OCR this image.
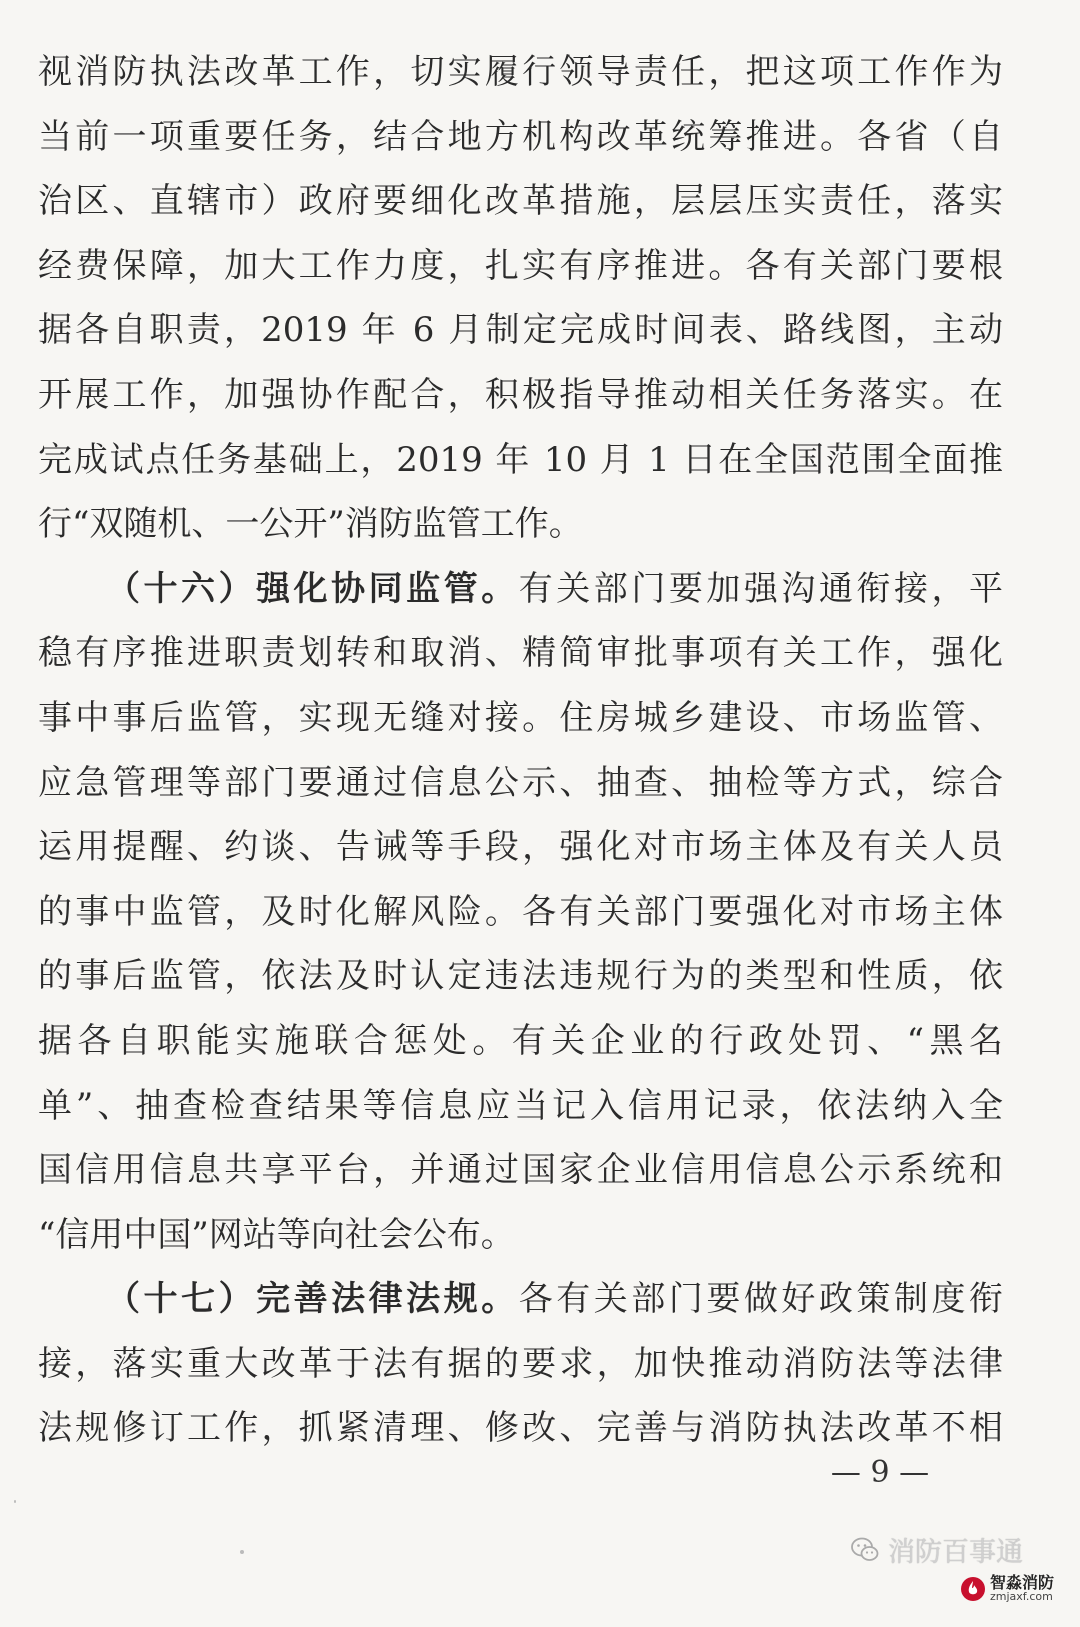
视消防执法改革工作，切实履行领导责任，把这项工作作为
当前一项重要任务，结合地方机构改革统筹推进。各省（自
治区、直辖市）政府要细化改革措施，层层压实责任，落实
经费保障，加大工作力度，扎实有序推进。各有关部门要根
据各自职责，2019 年 6 月制定完成时间表、路线图，主动
开展工作，加强协作配合，积极指导推动相关任务落实。在
完成试点任务基础上，2019 年 10 月 1 日在全国范围全面推
行“双随机、一公开”消防监管工作。
（十六）强化协同监管。有关部门要加强沟通衔接，平
稳有序推进职责划转和取消、精简审批事项有关工作，强化
事中事后监管，实现无缝对接。住房城乡建设、市场监管、
应急管理等部门要通过信息公示、抽查、抽检等方式，综合
运用提醒、约谈、告诫等手段，强化对市场主体及有关人员
的事中监管，及时化解风险。各有关部门要强化对市场主体
的事后监管，依法及时认定违法违规行为的类型和性质，依
据各自职能实施联合惩处。有关企业的行政处罚、“黑名
单”、抽查检查结果等信息应当记入信用记录，依法纳入全
国信用信息共享平台，并通过国家企业信用信息公示系统和
“信用中国”网站等向社会公布。
（十七）完善法律法规。各有关部门要做好政策制度衔
接，落实重大改革于法有据的要求，加快推动消防法等法律
法规修订工作，抓紧清理、修改、完善与消防执法改革不相
— 9 —
消防百事通
智淼消防
zmjaxf.com
